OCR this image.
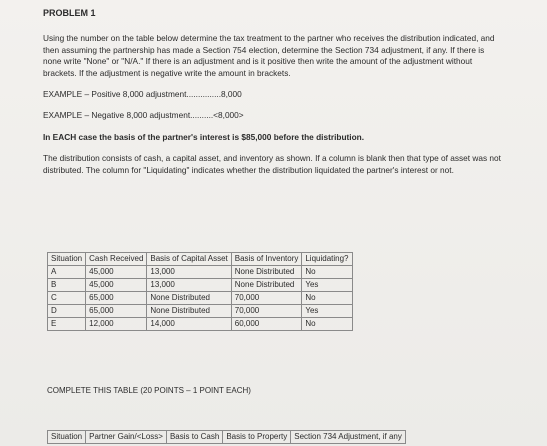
PROBLEM 1
Using the number on the table below determine the tax treatment to the partner who receives the distribution indicated, and then assuming the partnership has made a Section 754 election, determine the Section 734 adjustment, if any. If there is none write "None" or "N/A." If there is an adjustment and is it positive then write the amount of the adjustment without brackets. If the adjustment is negative write the amount in brackets.
EXAMPLE – Positive 8,000 adjustment...............8,000
EXAMPLE – Negative 8,000 adjustment..........<8,000>
In EACH case the basis of the partner's interest is $85,000 before the distribution.
The distribution consists of cash, a capital asset, and inventory as shown. If a column is blank then that type of asset was not distributed. The column for "Liquidating" indicates whether the distribution liquidated the partner's interest or not.
Situation	Cash Received	Basis of Capital Asset	Basis of Inventory	Liquidating?
A	45,000	13,000	None Distributed	No
B	45,000	13,000	None Distributed	Yes
C	65,000	None Distributed	70,000	No
D	65,000	None Distributed	70,000	Yes
E	12,000	14,000	60,000	No
COMPLETE THIS TABLE (20 POINTS – 1 POINT EACH)
Situation	Partner Gain/<Loss>	Basis to Cash	Basis to Property	Section 734 Adjustment, if any
